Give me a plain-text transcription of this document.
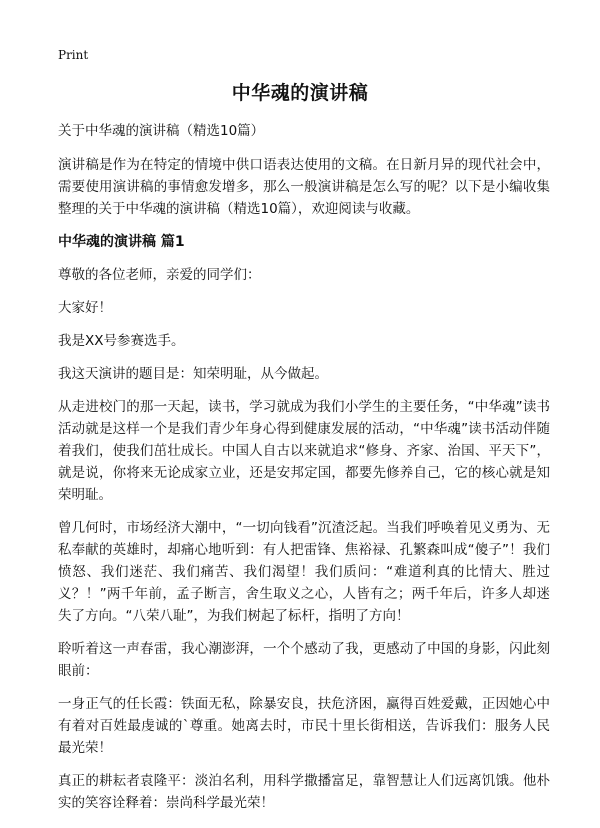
Print
中华魂的演讲稿

关于中华魂的演讲稿（精选10篇）

演讲稿是作为在特定的情境中供口语表达使用的文稿。在日新月异的现代社会中，需要使用演讲稿的事情愈发增多，那么一般演讲稿是怎么写的呢？以下是小编收集整理的关于中华魂的演讲稿（精选10篇），欢迎阅读与收藏。

中华魂的演讲稿 篇1

尊敬的各位老师，亲爱的同学们：

大家好！

我是XX号参赛选手。

我这天演讲的题目是：知荣明耻，从今做起。

从走进校门的那一天起，读书，学习就成为我们小学生的主要任务，“中华魂”读书活动就是这样一个是我们青少年身心得到健康发展的活动，“中华魂”读书活动伴随着我们，使我们茁壮成长。中国人自古以来就追求“修身、齐家、治国、平天下”，就是说，你将来无论成家立业，还是安邦定国，都要先修养自己，它的核心就是知荣明耻。

曾几何时，市场经济大潮中，“一切向钱看”沉渣泛起。当我们呼唤着见义勇为、无私奉献的英雄时，却痛心地听到：有人把雷锋、焦裕禄、孔繁森叫成“傻子”！我们愤怒、我们迷茫、我们痛苦、我们渴望！我们质问：“难道利真的比情大、胜过义？！”两千年前，孟子断言，舍生取义之心，人皆有之；两千年后，许多人却迷失了方向。“八荣八耻”，为我们树起了标杆，指明了方向！

聆听着这一声春雷，我心潮澎湃，一个个感动了我，更感动了中国的身影，闪此刻眼前：

一身正气的任长霞：铁面无私，除暴安良，扶危济困，赢得百姓爱戴，正因她心中有着对百姓最虔诚的`尊重。她离去时，市民十里长街相送，告诉我们：服务人民最光荣！

真正的耕耘者袁隆平：淡泊名利，用科学撒播富足，靠智慧让人们远离饥饿。他朴实的笑容诠释着：崇尚科学最光荣！
